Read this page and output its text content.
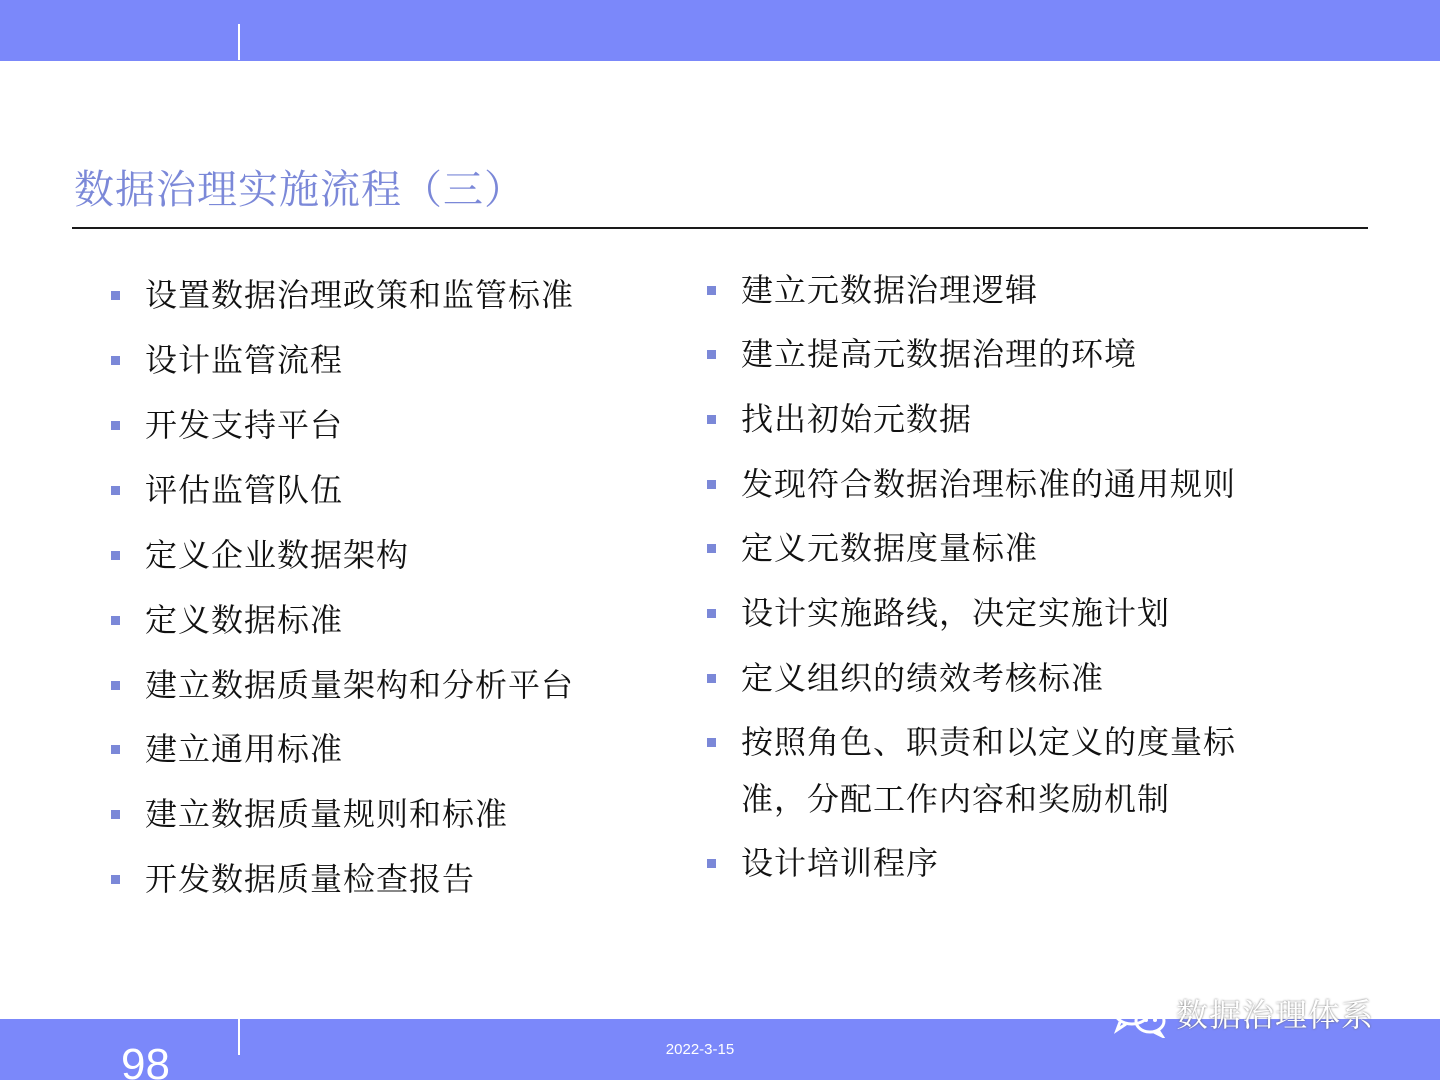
数据治理实施流程（三）
设置数据治理政策和监管标准
设计监管流程
开发支持平台
评估监管队伍
定义企业数据架构
定义数据标准
建立数据质量架构和分析平台
建立通用标准
建立数据质量规则和标准
开发数据质量检查报告
建立元数据治理逻辑
建立提高元数据治理的环境
找出初始元数据
发现符合数据治理标准的通用规则
定义元数据度量标准
设计实施路线，决定实施计划
定义组织的绩效考核标准
按照角色、职责和以定义的度量标
准，分配工作内容和奖励机制
设计培训程序
98	2022-3-15
数据治理体系
